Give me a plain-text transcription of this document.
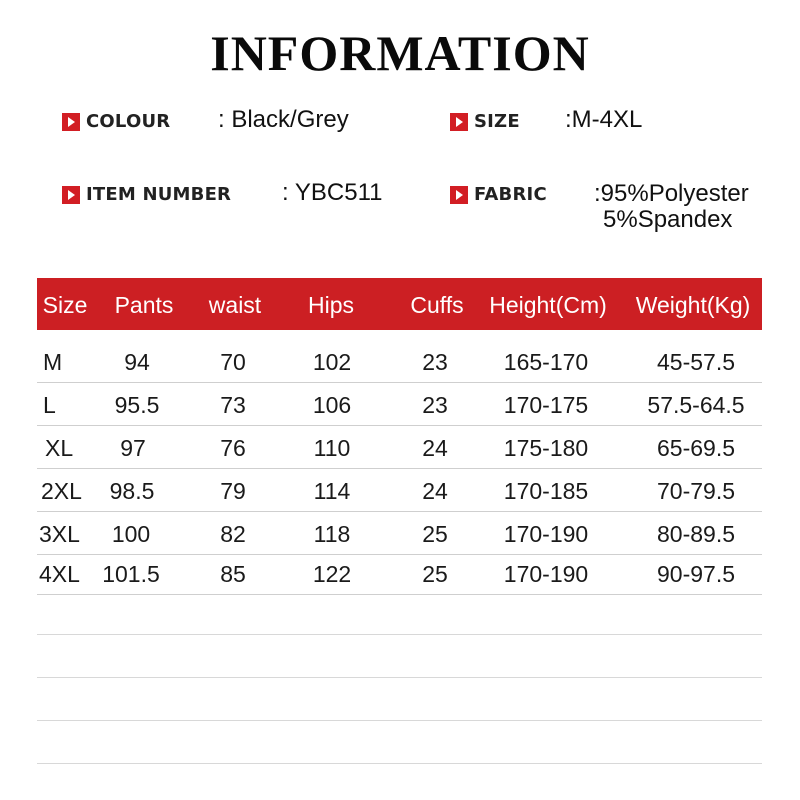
INFORMATION
COLOUR : Black/Grey	SIZE :M-4XL
ITEM NUMBER : YBC511	FABRIC :95%Polyester
5%Spandex
Size Pants waist Hips Cuffs Height(Cm) Weight(Kg)
M	94	70	102	23 165-170	45-57.5
L	95.5	73	106	23 170-175	57.5-64.5
XL 97	76	110	24 175-180	65-69.5
2XL 98.5	79	114	24 170-185	70-79.5
3XL 100	82	118	25 170-190	80-89.5
4XL 101.5	85	122	25 170-190	90-97.5
